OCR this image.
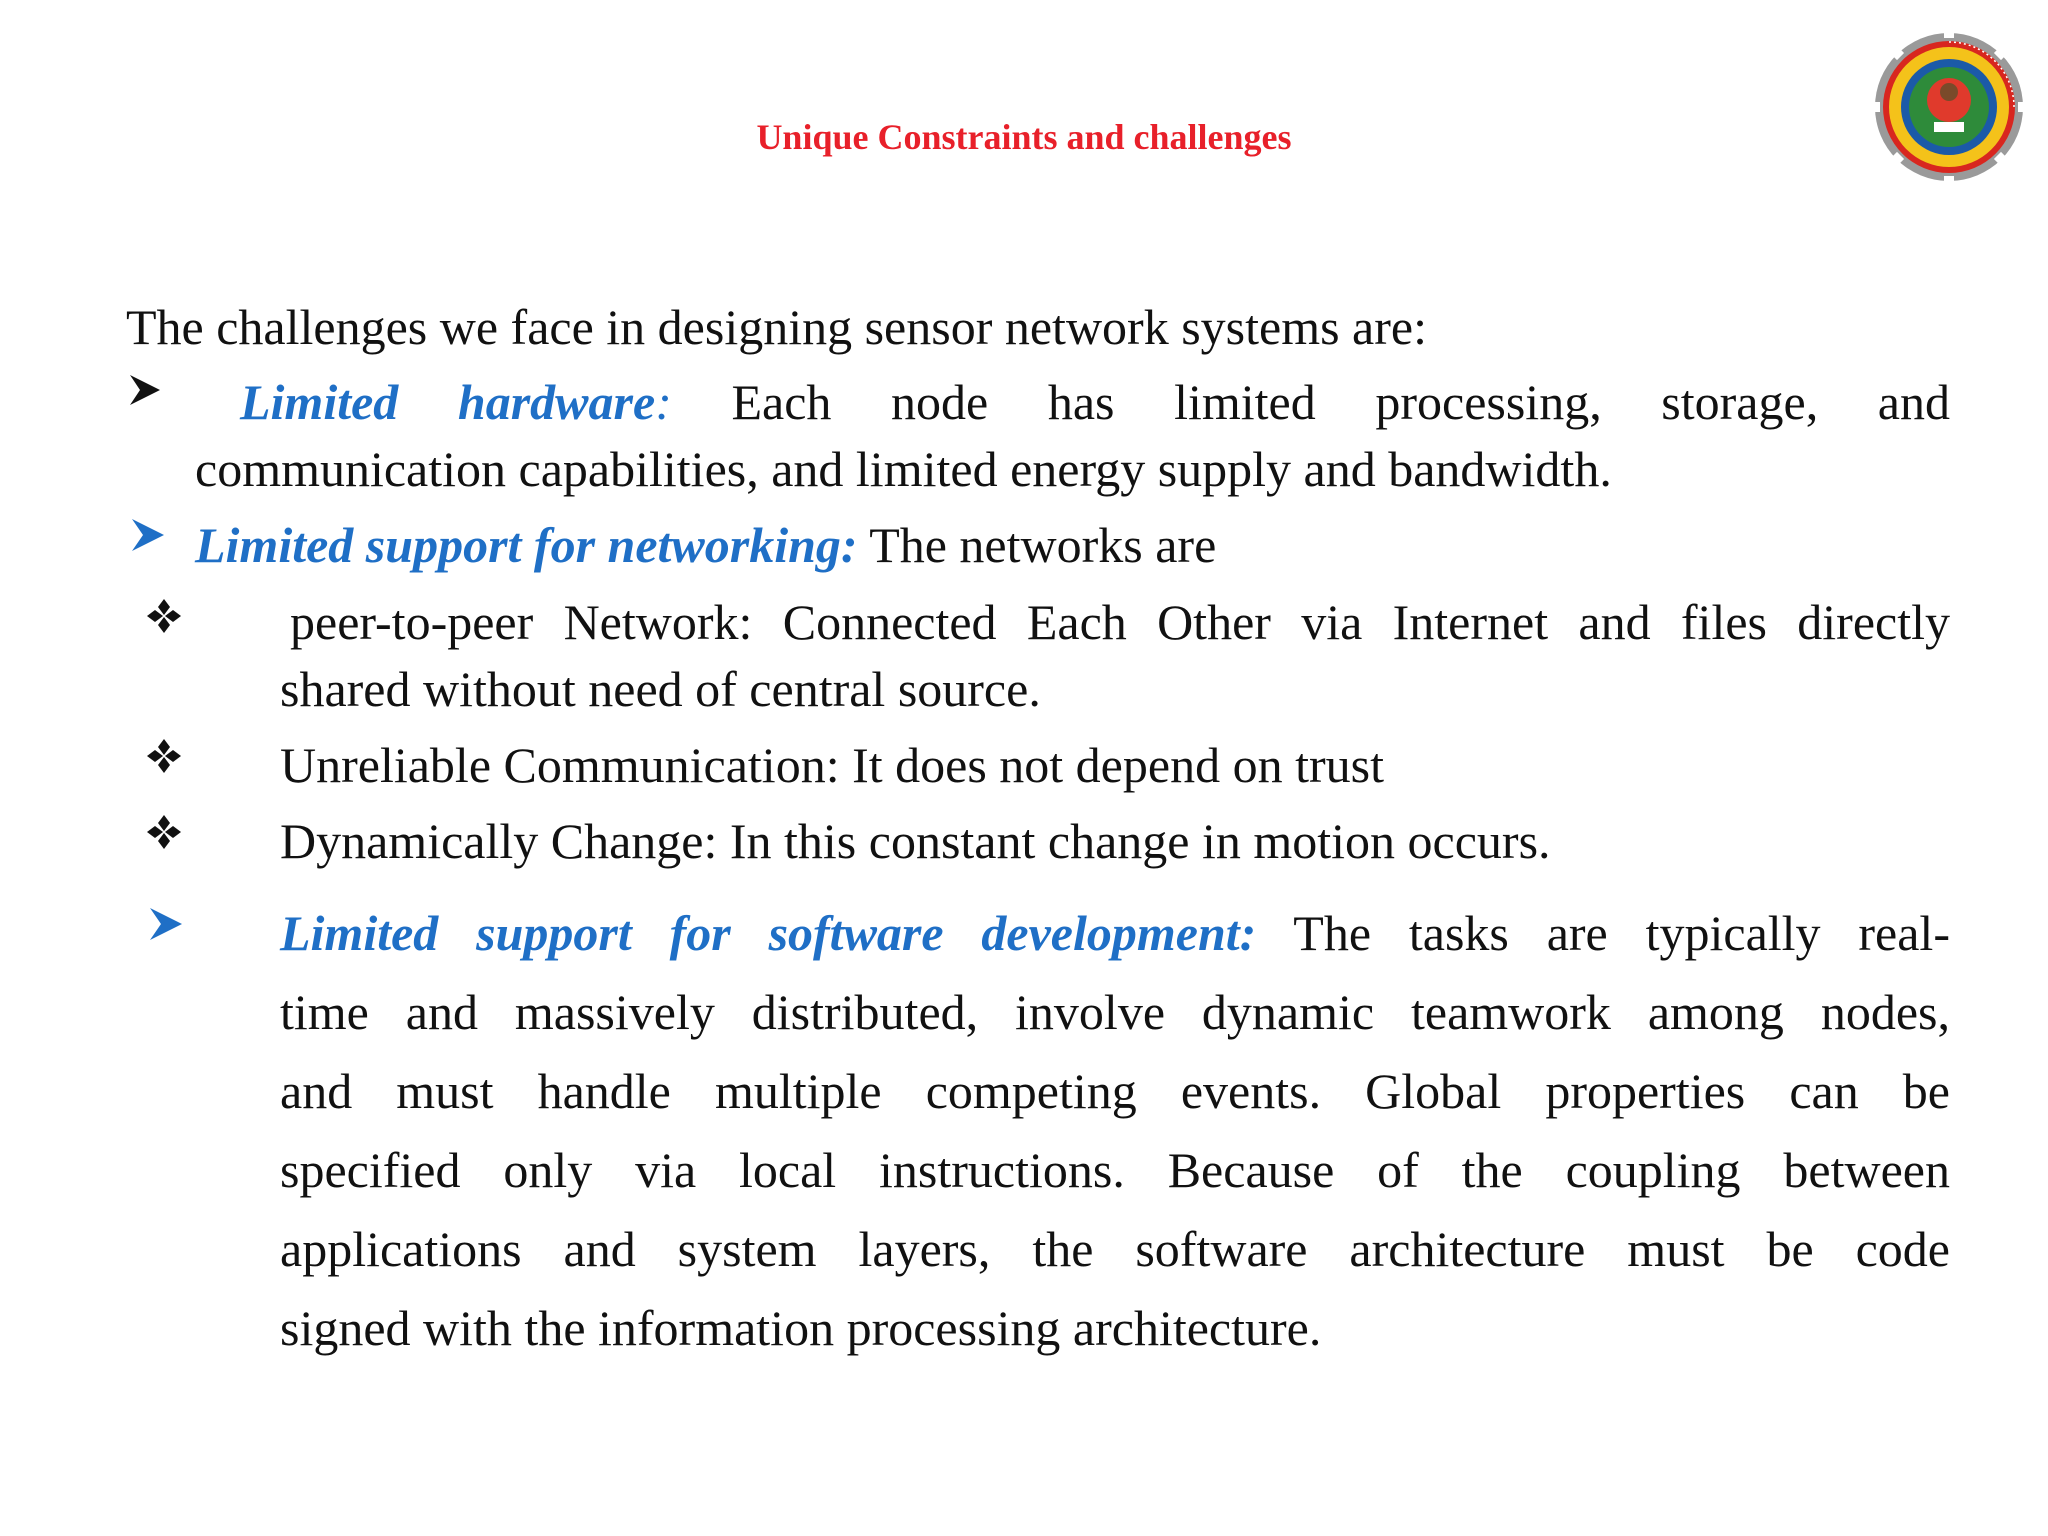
Unique Constraints and challenges
The challenges we face in designing sensor network systems are:
Limited hardware: Each node has limited processing, storage, and
communication capabilities, and limited energy supply and bandwidth.
Limited support for networking: The networks are
peer-to-peer Network: Connected Each Other via Internet and files directly
shared without need of central source.
Unreliable Communication: It does not depend on trust
Dynamically Change: In this constant change in motion occurs.
Limited support for software development: The tasks are typically real-
time and massively distributed, involve dynamic teamwork among nodes,
and must handle multiple competing events. Global properties can be
specified only via local instructions. Because of the coupling between
applications and system layers, the software architecture must be code
signed with the information processing architecture.
